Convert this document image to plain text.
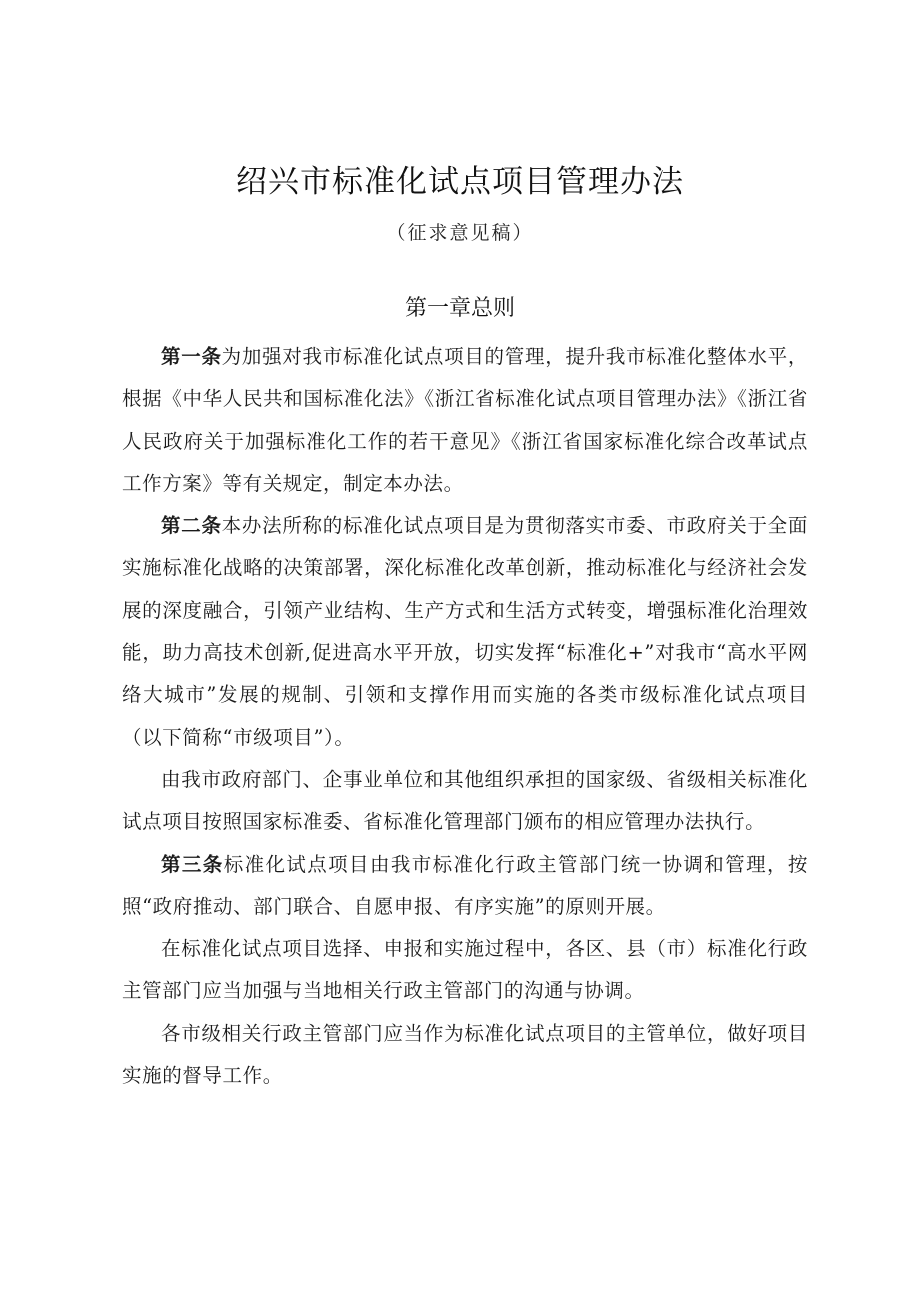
绍兴市标准化试点项目管理办法
（征求意见稿）
第一章总则

第一条为加强对我市标准化试点项目的管理，提升我市标准化整体水平，根据《中华人民共和国标准化法》《浙江省标准化试点项目管理办法》《浙江省人民政府关于加强标准化工作的若干意见》《浙江省国家标准化综合改革试点工作方案》等有关规定，制定本办法。

第二条本办法所称的标准化试点项目是为贯彻落实市委、市政府关于全面实施标准化战略的决策部署，深化标准化改革创新，推动标准化与经济社会发展的深度融合，引领产业结构、生产方式和生活方式转变，增强标准化治理效能，助力高技术创新,促进高水平开放，切实发挥“标准化+”对我市“高水平网络大城市”发展的规制、引领和支撑作用而实施的各类市级标准化试点项目（以下简称“市级项目”）。

由我市政府部门、企事业单位和其他组织承担的国家级、省级相关标准化试点项目按照国家标准委、省标准化管理部门颁布的相应管理办法执行。

第三条标准化试点项目由我市标准化行政主管部门统一协调和管理，按照“政府推动、部门联合、自愿申报、有序实施”的原则开展。

在标准化试点项目选择、申报和实施过程中，各区、县（市）标准化行政主管部门应当加强与当地相关行政主管部门的沟通与协调。

各市级相关行政主管部门应当作为标准化试点项目的主管单位，做好项目实施的督导工作。
